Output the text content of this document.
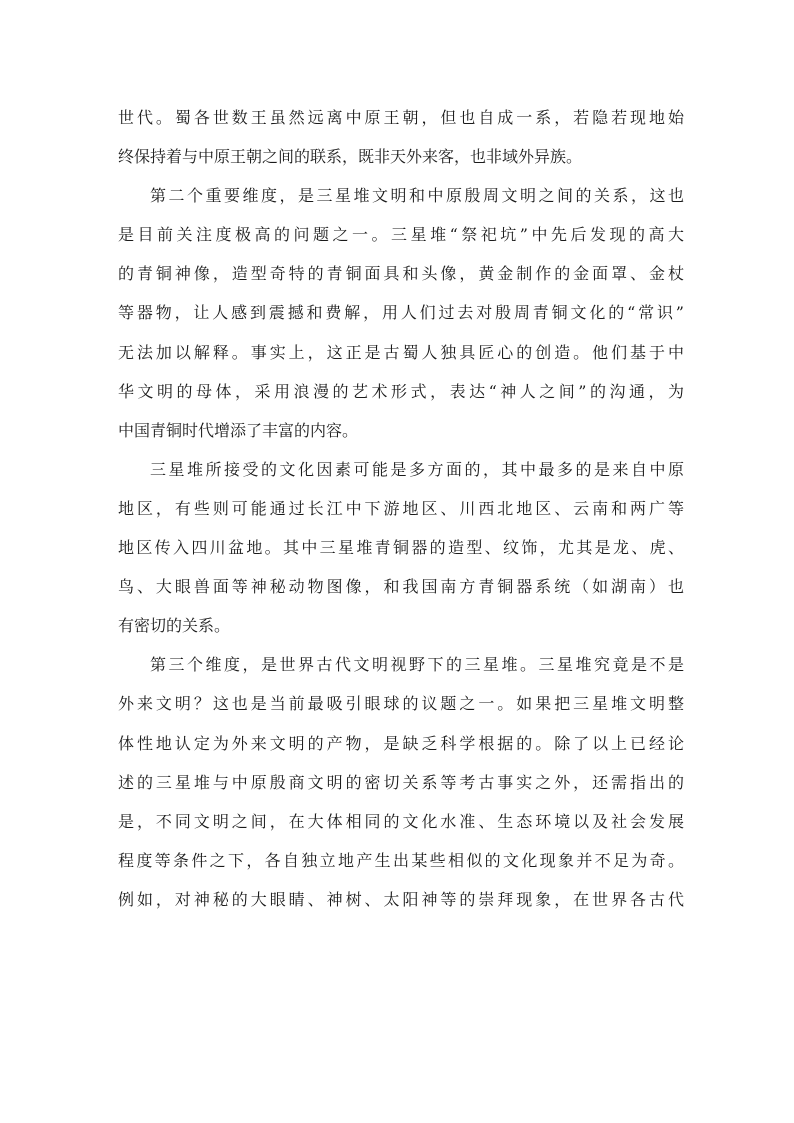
世代。蜀各世数王虽然远离中原王朝，但也自成一系，若隐若现地始
终保持着与中原王朝之间的联系，既非天外来客，也非域外异族。
第二个重要维度，是三星堆文明和中原殷周文明之间的关系，这也
是目前关注度极高的问题之一。三星堆“祭祀坑”中先后发现的高大
的青铜神像，造型奇特的青铜面具和头像，黄金制作的金面罩、金杖
等器物，让人感到震撼和费解，用人们过去对殷周青铜文化的“常识”
无法加以解释。事实上，这正是古蜀人独具匠心的创造。他们基于中
华文明的母体，采用浪漫的艺术形式，表达“神人之间”的沟通，为
中国青铜时代增添了丰富的内容。
三星堆所接受的文化因素可能是多方面的，其中最多的是来自中原
地区，有些则可能通过长江中下游地区、川西北地区、云南和两广等
地区传入四川盆地。其中三星堆青铜器的造型、纹饰，尤其是龙、虎、
鸟、大眼兽面等神秘动物图像，和我国南方青铜器系统（如湖南）也
有密切的关系。
第三个维度，是世界古代文明视野下的三星堆。三星堆究竟是不是
外来文明？这也是当前最吸引眼球的议题之一。如果把三星堆文明整
体性地认定为外来文明的产物，是缺乏科学根据的。除了以上已经论
述的三星堆与中原殷商文明的密切关系等考古事实之外，还需指出的
是，不同文明之间，在大体相同的文化水准、生态环境以及社会发展
程度等条件之下，各自独立地产生出某些相似的文化现象并不足为奇。
例如，对神秘的大眼睛、神树、太阳神等的崇拜现象，在世界各古代
